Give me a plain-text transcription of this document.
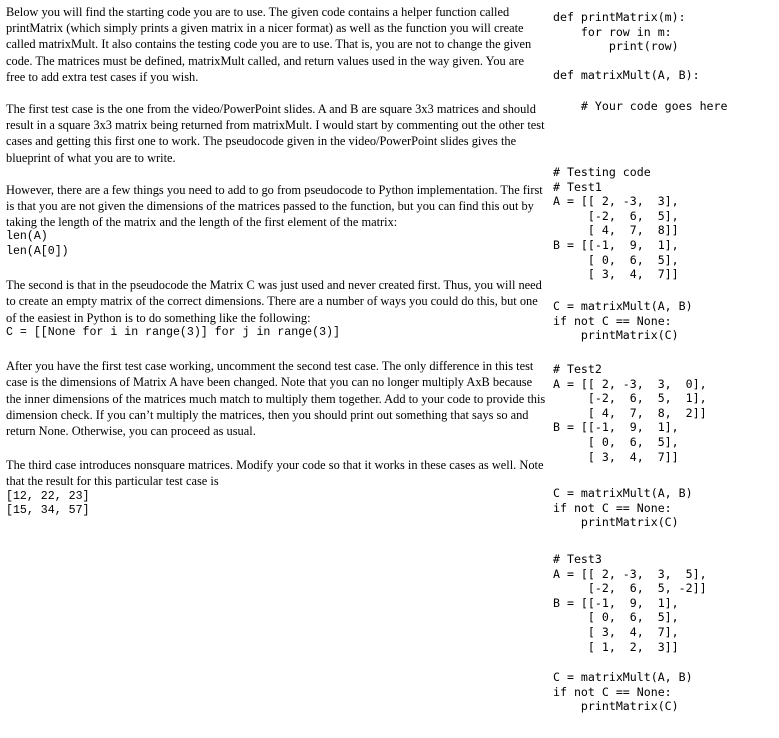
Below you will find the starting code you are to use. The given code contains a helper function called printMatrix (which simply prints a given matrix in a nicer format) as well as the function you will create called matrixMult. It also contains the testing code you are to use. That is, you are not to change the given code. The matrices must be defined, matrixMult called, and return values used in the way given. You are free to add extra test cases if you wish.

The first test case is the one from the video/PowerPoint slides. A and B are square 3x3 matrices and should result in a square 3x3 matrix being returned from matrixMult. I would start by commenting out the other test cases and getting this first one to work. The pseudocode given in the video/PowerPoint slides gives the blueprint of what you are to write.

However, there are a few things you need to add to go from pseudocode to Python implementation. The first is that you are not given the dimensions of the matrices passed to the function, but you can find this out by taking the length of the matrix and the length of the first element of the matrix:

len(A)
len(A[0])

The second is that in the pseudocode the Matrix C was just used and never created first. Thus, you will need to create an empty matrix of the correct dimensions. There are a number of ways you could do this, but one of the easiest in Python is to do something like the following:

C = [[None for i in range(3)] for j in range(3)]

After you have the first test case working, uncomment the second test case. The only difference in this test case is the dimensions of Matrix A have been changed. Note that you can no longer multiply AxB because the inner dimensions of the matrices much match to multiply them together. Add to your code to provide this dimension check. If you can’t multiply the matrices, then you should print out something that says so and return None. Otherwise, you can proceed as usual.

The third case introduces nonsquare matrices. Modify your code so that it works in these cases as well. Note that the result for this particular test case is

[12, 22, 23]
[15, 34, 57]

def printMatrix(m):
for row in m:
print(row)

def matrixMult(A, B):

# Your code goes here

# Testing code
# Test1
A = [[ 2, -3,  3],
[-2,  6,  5],
[ 4,  7,  8]]
B = [[-1,  9,  1],
[ 0,  6,  5],
[ 3,  4,  7]]

C = matrixMult(A, B)
if not C == None:
printMatrix(C)

# Test2
A = [[ 2, -3,  3,  0],
[-2,  6,  5,  1],
[ 4,  7,  8,  2]]
B = [[-1,  9,  1],
[ 0,  6,  5],
[ 3,  4,  7]]

C = matrixMult(A, B)
if not C == None:
printMatrix(C)

# Test3
A = [[ 2, -3,  3,  5],
[-2,  6,  5, -2]]
B = [[-1,  9,  1],
[ 0,  6,  5],
[ 3,  4,  7],
[ 1,  2,  3]]

C = matrixMult(A, B)
if not C == None:
printMatrix(C)
